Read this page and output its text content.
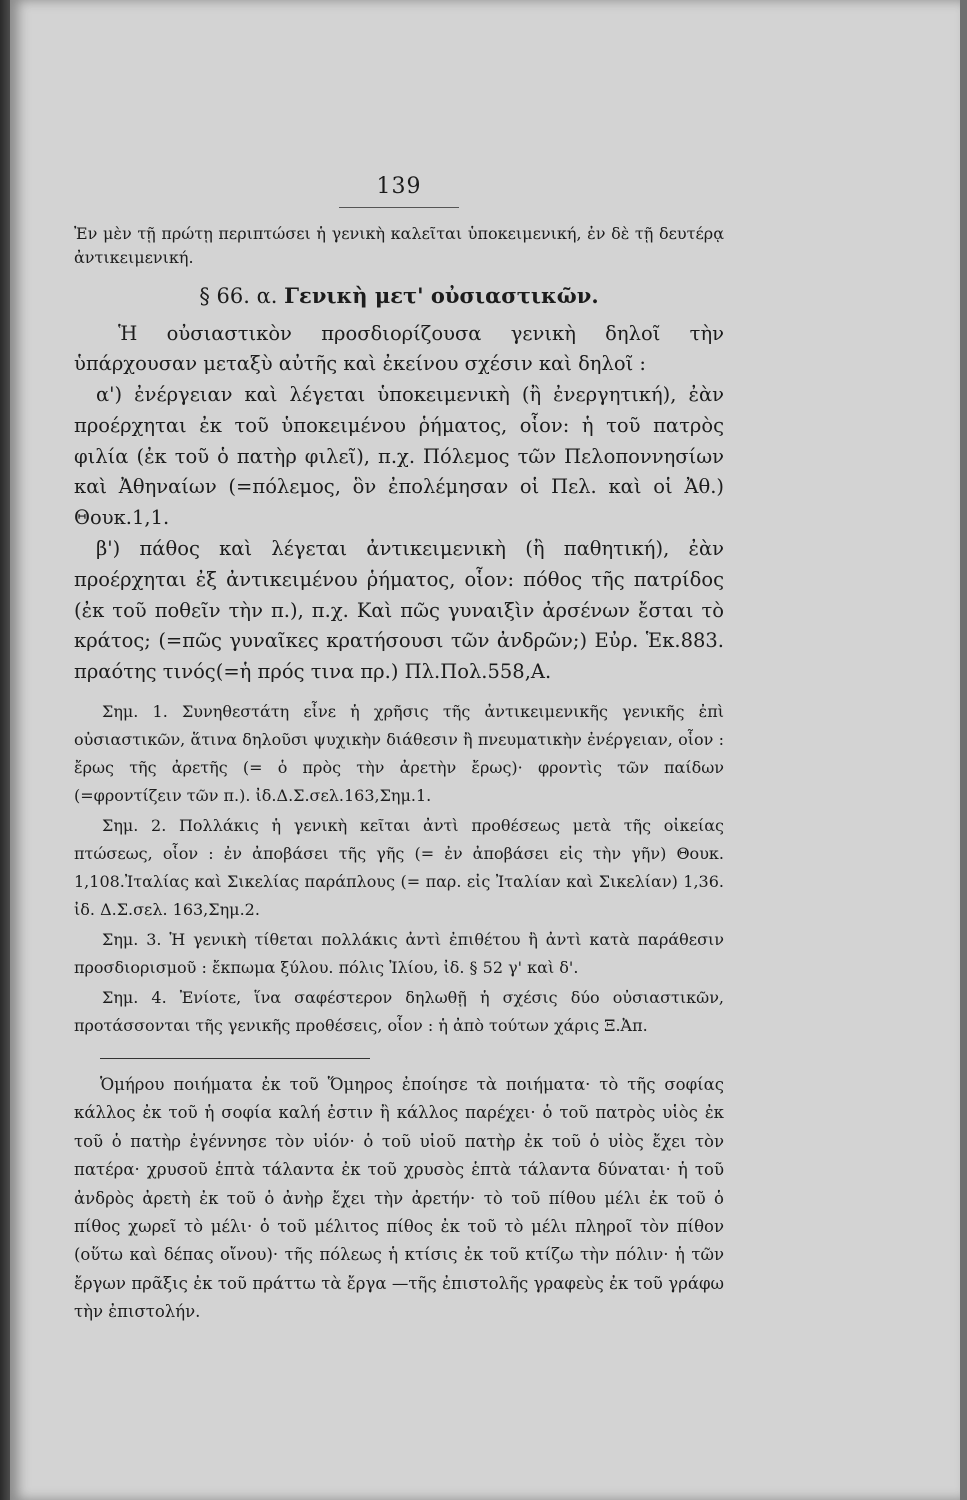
139

Ἐν μὲν τῇ πρώτῃ περιπτώσει ἡ γενικὴ καλεῖται ὑποκειμενική, ἐν δὲ τῇ δευτέρᾳ ἀντικειμενική.

§ 66. α. Γενικὴ μετ' οὐσιαστικῶν.

Ἡ οὐσιαστικὸν προσδιορίζουσα γενικὴ δηλοῖ τὴν ὑπάρχουσαν μεταξὺ αὐτῆς καὶ ἐκείνου σχέσιν καὶ δηλοῖ :

α') ἐνέργειαν καὶ λέγεται ὑποκειμενικὴ (ἢ ἐνεργητική), ἐὰν προέρχηται ἐκ τοῦ ὑποκειμένου ῥήματος, οἷον: ἡ τοῦ πατρὸς φιλία (ἐκ τοῦ ὁ πατὴρ φιλεῖ), π.χ. Πόλεμος τῶν Πελοποννησίων καὶ Ἀθηναίων (=πόλεμος, ὃν ἐπολέμησαν οἱ Πελ. καὶ οἱ Ἀθ.) Θουκ.1,1.

β') πάθος καὶ λέγεται ἀντικειμενικὴ (ἢ παθητική), ἐὰν προέρχηται ἐξ ἀντικειμένου ῥήματος, οἷον: πόθος τῆς πατρίδος (ἐκ τοῦ ποθεῖν τὴν π.), π.χ. Καὶ πῶς γυναιξὶν ἀρσένων ἔσται τὸ κράτος; (=πῶς γυναῖκες κρατήσουσι τῶν ἀνδρῶν;) Εὐρ. Ἑκ.883. πραότης τινός(=ἡ πρός τινα πρ.) Πλ.Πολ.558,Α.

Σημ. 1. Συνηθεστάτη εἶνε ἡ χρῆσις τῆς ἀντικειμενικῆς γενικῆς ἐπὶ οὐσιαστικῶν, ἅτινα δηλοῦσι ψυχικὴν διάθεσιν ἢ πνευματικὴν ἐνέργειαν, οἷον : ἔρως τῆς ἀρετῆς (= ὁ πρὸς τὴν ἀρετὴν ἔρως)· φροντὶς τῶν παίδων (=φροντίζειν τῶν π.). ἰδ.Δ.Σ.σελ.163,Σημ.1.

Σημ. 2. Πολλάκις ἡ γενικὴ κεῖται ἀντὶ προθέσεως μετὰ τῆς οἰκείας πτώσεως, οἷον : ἐν ἀποβάσει τῆς γῆς (= ἐν ἀποβάσει εἰς τὴν γῆν) Θουκ. 1,108.Ἰταλίας καὶ Σικελίας παράπλους (= παρ. εἰς Ἰταλίαν καὶ Σικελίαν) 1,36. ἰδ. Δ.Σ.σελ. 163,Σημ.2.

Σημ. 3. Ἡ γενικὴ τίθεται πολλάκις ἀντὶ ἐπιθέτου ἢ ἀντὶ κατὰ παράθεσιν προσδιορισμοῦ : ἔκπωμα ξύλου. πόλις Ἰλίου, ἰδ. § 52 γ' καὶ δ'.

Σημ. 4. Ἐνίοτε, ἵνα σαφέστερον δηλωθῇ ἡ σχέσις δύο οὐσιαστικῶν, προτάσσονται τῆς γενικῆς προθέσεις, οἷον : ἡ ἀπὸ τούτων χάρις Ξ.Ἀπ.

Ὁμήρου ποιήματα ἐκ τοῦ Ὅμηρος ἐποίησε τὰ ποιήματα· τὸ τῆς σοφίας κάλλος ἐκ τοῦ ἡ σοφία καλή ἐστιν ἢ κάλλος παρέχει· ὁ τοῦ πατρὸς υἱὸς ἐκ τοῦ ὁ πατὴρ ἐγέννησε τὸν υἱόν· ὁ τοῦ υἱοῦ πατὴρ ἐκ τοῦ ὁ υἱὸς ἔχει τὸν πατέρα· χρυσοῦ ἑπτὰ τάλαντα ἐκ τοῦ χρυσὸς ἑπτὰ τάλαντα δύναται· ἡ τοῦ ἀνδρὸς ἀρετὴ ἐκ τοῦ ὁ ἀνὴρ ἔχει τὴν ἀρετήν· τὸ τοῦ πίθου μέλι ἐκ τοῦ ὁ πίθος χωρεῖ τὸ μέλι· ὁ τοῦ μέλιτος πίθος ἐκ τοῦ τὸ μέλι πληροῖ τὸν πίθον (οὕτω καὶ δέπας οἴνου)· τῆς πόλεως ἡ κτίσις ἐκ τοῦ κτίζω τὴν πόλιν· ἡ τῶν ἔργων πρᾶξις ἐκ τοῦ πράττω τὰ ἔργα —τῆς ἐπιστολῆς γραφεὺς ἐκ τοῦ γράφω τὴν ἐπιστολήν.
